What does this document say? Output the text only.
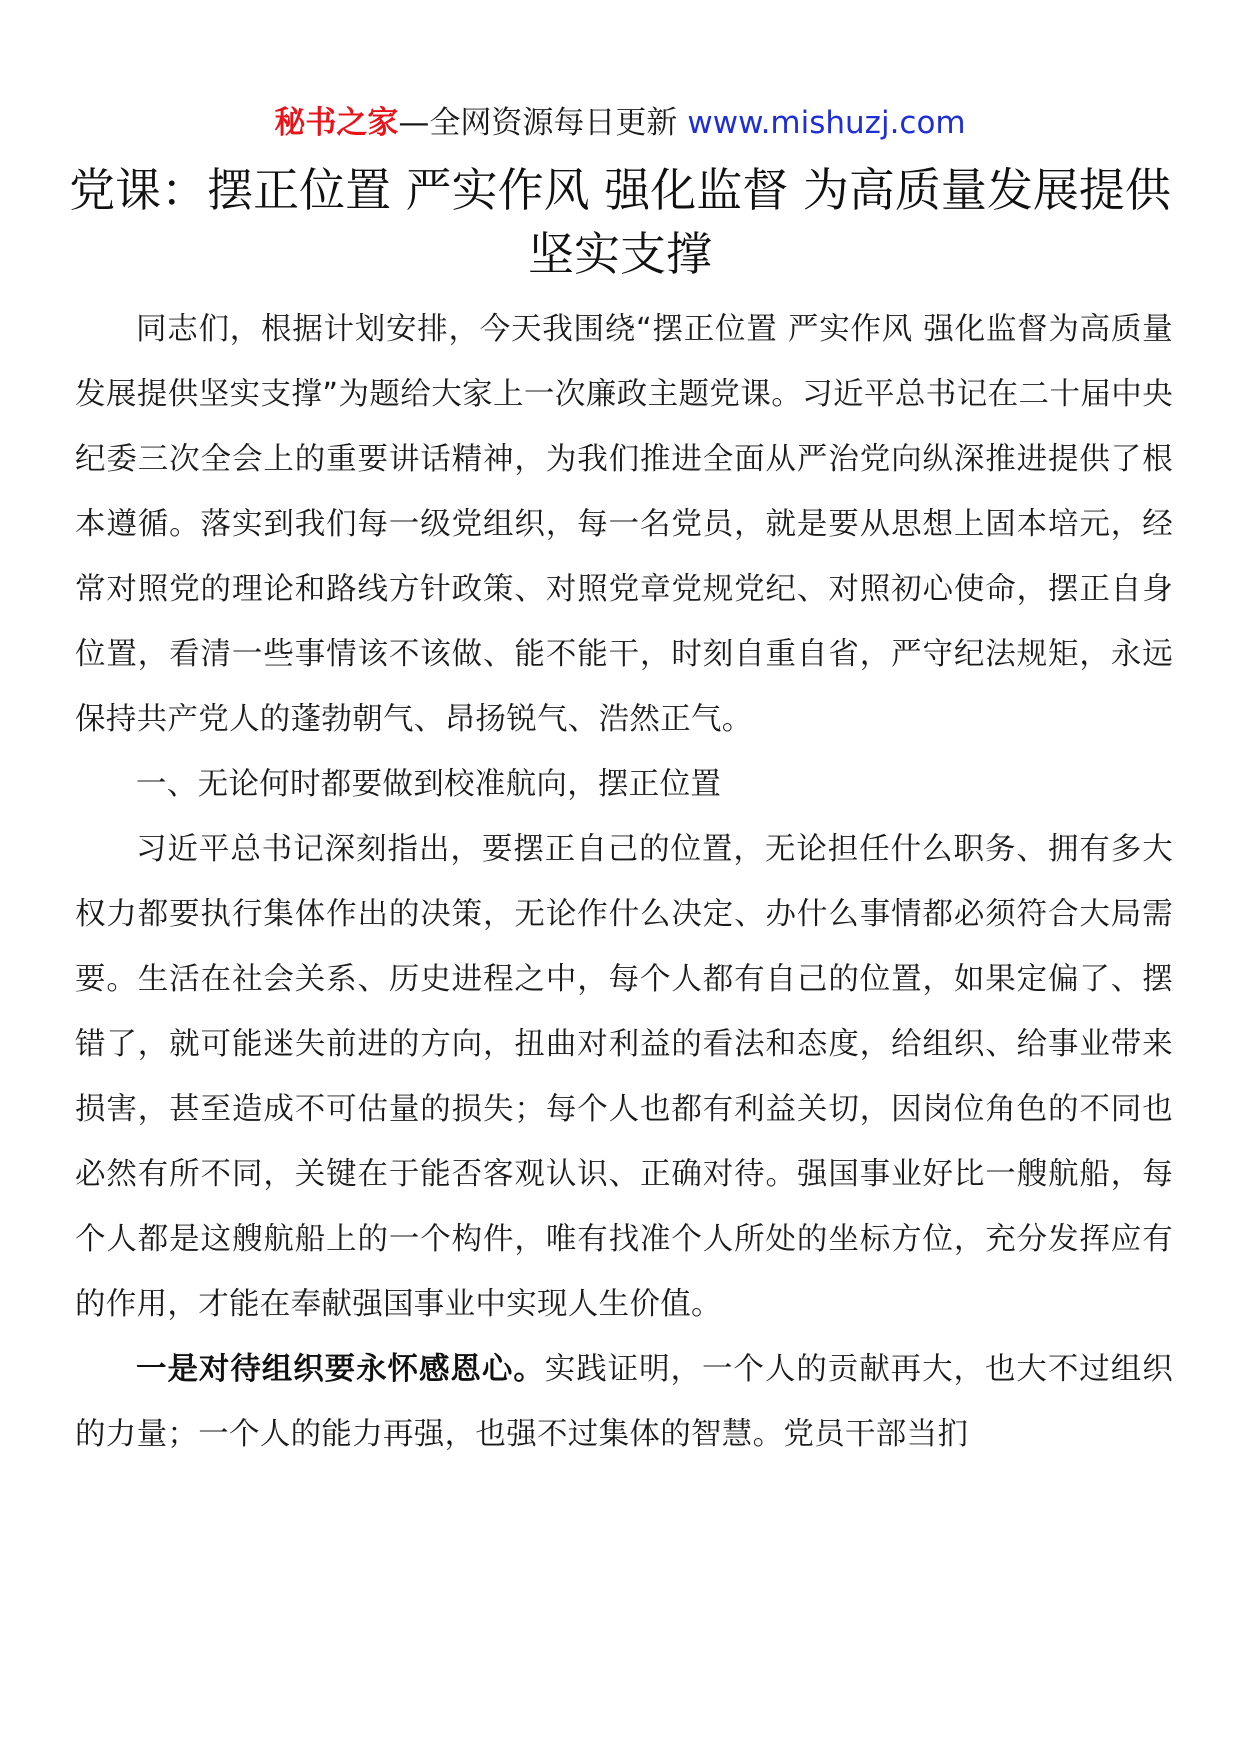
秘书之家—全网资源每日更新 www.mishuzj.com
党课：摆正位置 严实作风 强化监督 为高质量发展提供坚实支撑

同志们，根据计划安排，今天我围绕“摆正位置 严实作风 强化监督为高质量发展提供坚实支撑”为题给大家上一次廉政主题党课。习近平总书记在二十届中央纪委三次全会上的重要讲话精神，为我们推进全面从严治党向纵深推进提供了根本遵循。落实到我们每一级党组织，每一名党员，就是要从思想上固本培元，经常对照党的理论和路线方针政策、对照党章党规党纪、对照初心使命，摆正自身位置，看清一些事情该不该做、能不能干，时刻自重自省，严守纪法规矩，永远保持共产党人的蓬勃朝气、昂扬锐气、浩然正气。

一、无论何时都要做到校准航向，摆正位置

习近平总书记深刻指出，要摆正自己的位置，无论担任什么职务、拥有多大权力都要执行集体作出的决策，无论作什么决定、办什么事情都必须符合大局需要。生活在社会关系、历史进程之中，每个人都有自己的位置，如果定偏了、摆错了，就可能迷失前进的方向，扭曲对利益的看法和态度，给组织、给事业带来损害，甚至造成不可估量的损失；每个人也都有利益关切，因岗位角色的不同也必然有所不同，关键在于能否客观认识、正确对待。强国事业好比一艘航船，每个人都是这艘航船上的一个构件，唯有找准个人所处的坐标方位，充分发挥应有的作用，才能在奉献强国事业中实现人生价值。

一是对待组织要永怀感恩心。实践证明，一个人的贡献再大，也大不过组织的力量；一个人的能力再强，也强不过集体的智慧。党员干部当扪
